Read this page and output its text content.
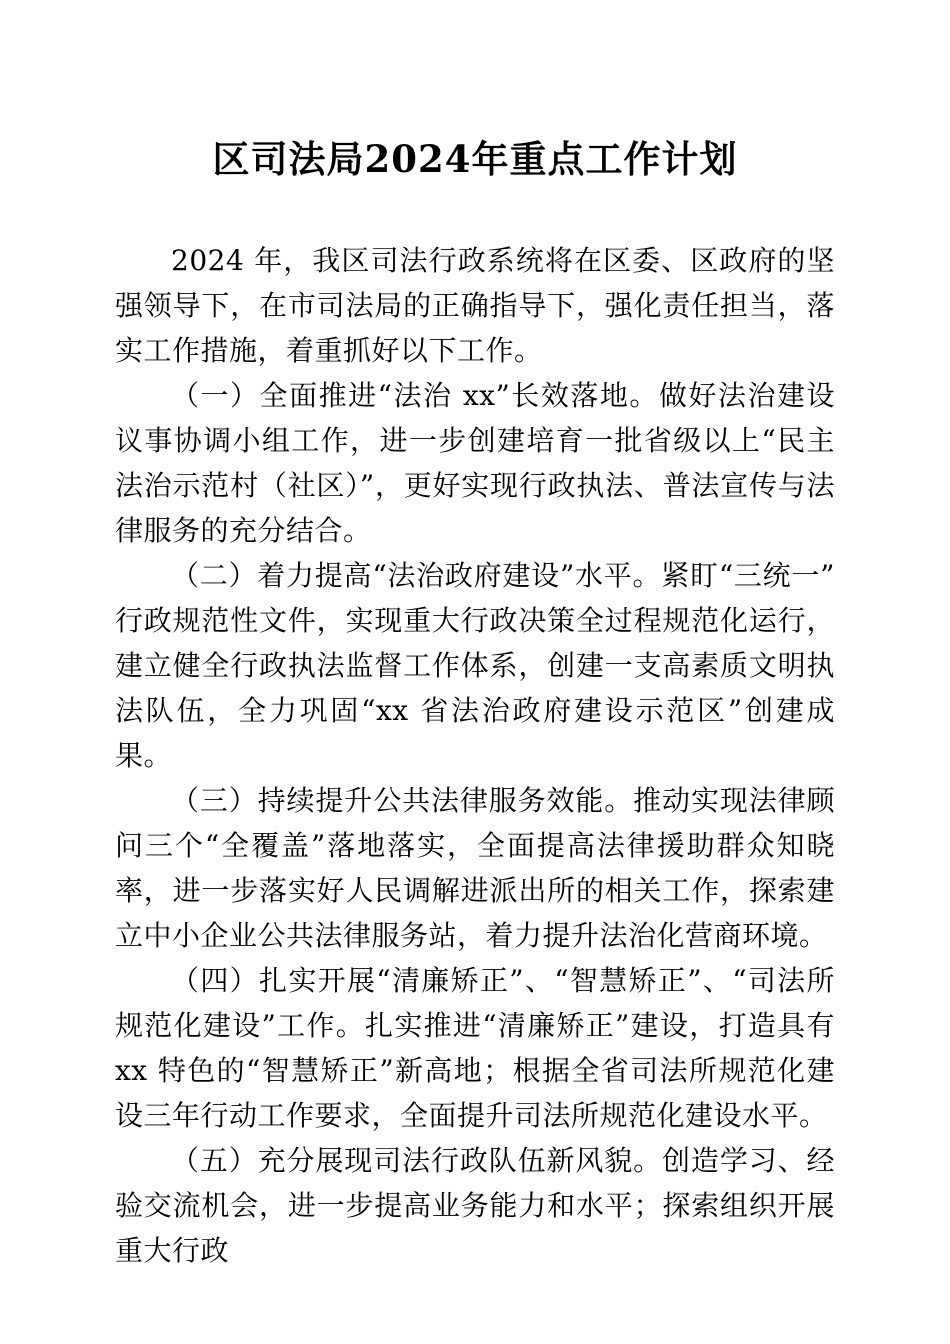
区司法局2024年重点工作计划

2024 年，我区司法行政系统将在区委、区政府的坚强领导下，在市司法局的正确指导下，强化责任担当，落实工作措施，着重抓好以下工作。

（一）全面推进“法治 xx”长效落地。做好法治建设议事协调小组工作，进一步创建培育一批省级以上“民主法治示范村（社区）”，更好实现行政执法、普法宣传与法律服务的充分结合。

（二）着力提高“法治政府建设”水平。紧盯“三统一”行政规范性文件，实现重大行政决策全过程规范化运行，建立健全行政执法监督工作体系，创建一支高素质文明执法队伍，全力巩固“xx 省法治政府建设示范区”创建成果。

（三）持续提升公共法律服务效能。推动实现法律顾问三个“全覆盖”落地落实，全面提高法律援助群众知晓率，进一步落实好人民调解进派出所的相关工作，探索建立中小企业公共法律服务站，着力提升法治化营商环境。

（四）扎实开展“清廉矫正”、“智慧矫正”、“司法所规范化建设”工作。扎实推进“清廉矫正”建设，打造具有 xx 特色的“智慧矫正”新高地；根据全省司法所规范化建设三年行动工作要求，全面提升司法所规范化建设水平。

（五）充分展现司法行政队伍新风貌。创造学习、经验交流机会，进一步提高业务能力和水平；探索组织开展重大行政
